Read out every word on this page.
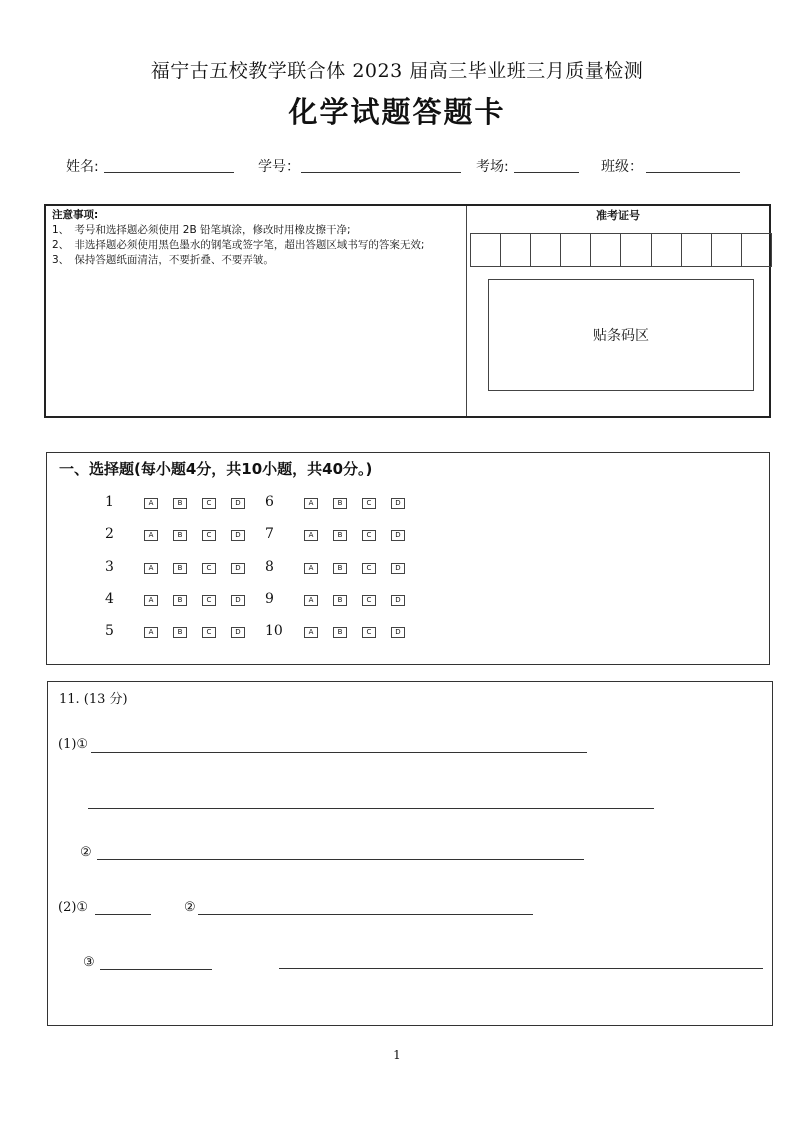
福宁古五校教学联合体 2023 届高三毕业班三月质量检测
化学试题答题卡
姓名:	学号：	考场:	班级：
注意事项:
1、　考号和选择题必须使用 2B 铅笔填涂，修改时用橡皮擦干净;
2、　非选择题必须使用黑色墨水的钢笔或签字笔，超出答题区域书写的答案无效;
3、　保持答题纸面清洁，不要折叠、不要弄皱。
准考证号
贴条码区
一、选择题(每小题4分，共10小题，共40分。)
1	A	B	C	D	6	A	B	C	D
2	A	B	C	D	7	A	B	C	D
3	A	B	C	D	8	A	B	C	D
4	A	B	C	D	9	A	B	C	D
5	A	B	C	D	10	A	B	C	D
11. (13 分)
(1)①
②
(2)①	②
③
1
